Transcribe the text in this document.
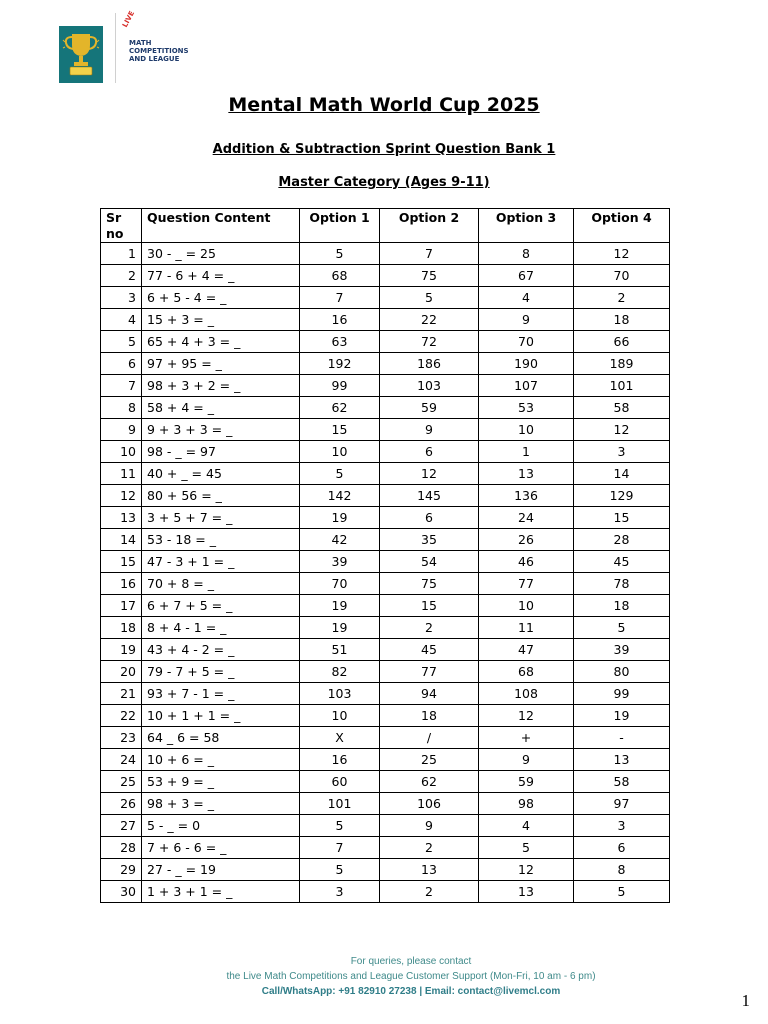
LIVE
MATH COMPETITIONS AND LEAGUE
Mental Math World Cup 2025
Addition & Subtraction Sprint Question Bank 1
Master Category (Ages 9-11)
Sr no	Question Content	Option 1	Option 2	Option 3	Option 4
1	30 - _ = 25	5	7	8	12
2	77 - 6 + 4 = _	68	75	67	70
3	6 + 5 - 4 = _	7	5	4	2
4	15 + 3 = _	16	22	9	18
5	65 + 4 + 3 = _	63	72	70	66
6	97 + 95 = _	192	186	190	189
7	98 + 3 + 2 = _	99	103	107	101
8	58 + 4 = _	62	59	53	58
9	9 + 3 + 3 = _	15	9	10	12
10	98 - _ = 97	10	6	1	3
11	40 + _ = 45	5	12	13	14
12	80 + 56 = _	142	145	136	129
13	3 + 5 + 7 = _	19	6	24	15
14	53 - 18 = _	42	35	26	28
15	47 - 3 + 1 = _	39	54	46	45
16	70 + 8 = _	70	75	77	78
17	6 + 7 + 5 = _	19	15	10	18
18	8 + 4 - 1 = _	19	2	11	5
19	43 + 4 - 2 = _	51	45	47	39
20	79 - 7 + 5 = _	82	77	68	80
21	93 + 7 - 1 = _	103	94	108	99
22	10 + 1 + 1 = _	10	18	12	19
23	64 _ 6 = 58	X	/	+	-
24	10 + 6 = _	16	25	9	13
25	53 + 9 = _	60	62	59	58
26	98 + 3 = _	101	106	98	97
27	5 - _ = 0	5	9	4	3
28	7 + 6 - 6 = _	7	2	5	6
29	27 - _ = 19	5	13	12	8
30	1 + 3 + 1 = _	3	2	13	5
For queries, please contact
the Live Math Competitions and League Customer Support (Mon-Fri, 10 am - 6 pm)
Call/WhatsApp: +91 82910 27238 | Email: contact@livemcl.com	1
